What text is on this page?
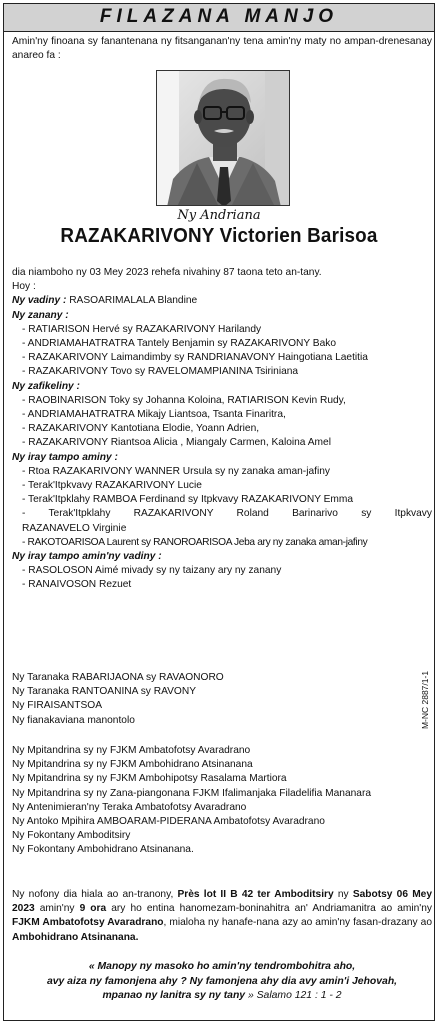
FILAZANA MANJO
Amin'ny finoana sy fanantenana ny fitsanganan'ny tena amin'ny maty no ampan-drenesanay anareo fa :
Ny Andriana
RAZAKARIVONY Victorien Barisoa
dia niamboho ny 03 Mey 2023 rehefa nivahiny 87 taona teto an-tany.
Hoy :
Ny vadiny : RASOARIMALALA Blandine
Ny zanany :
- RATIARISON Hervé sy RAZAKARIVONY Harilandy
- ANDRIAMAHATRATRA Tantely Benjamin sy RAZAKARIVONY Bako
- RAZAKARIVONY Laimandimby sy RANDRIANAVONY Haingotiana Laetitia
- RAZAKARIVONY Tovo sy RAVELOMAMPIANINA Tsiriniana
Ny zafikeliny :
- RAOBINARISON Toky sy Johanna Koloina, RATIARISON Kevin Rudy,
- ANDRIAMAHATRATRA Mikajy Liantsoa, Tsanta Finaritra,
- RAZAKARIVONY Kantotiana Elodie, Yoann Adrien,
- RAZAKARIVONY Riantsoa Alicia , Miangaly Carmen, Kaloina Amel
Ny iray tampo aminy :
- Rtoa RAZAKARIVONY WANNER Ursula sy ny zanaka aman-jafiny
- Terak'Itpkvavy RAZAKARIVONY Lucie
- Terak'Itpklahy RAMBOA Ferdinand sy Itpkvavy RAZAKARIVONY Emma
- Terak'Itpklahy RAZAKARIVONY Roland Barinarivo sy Itpkvavy
RAZANAVELO Virginie
- RAKOTOARISOA Laurent sy RANOROARISOA Jeba ary ny zanaka aman-jafiny
Ny iray tampo amin'ny vadiny :
- RASOLOSON Aimé mivady sy ny taizany ary ny zanany
- RANAIVOSON Rezuet
Ny Taranaka RABARIJAONA sy RAVAONORO
Ny Taranaka RANTOANINA sy RAVONY
Ny FIRAISANTSOA
Ny fianakaviana manontolo	M-NC 2887/1-1
Ny Mpitandrina sy ny FJKM Ambatofotsy Avaradrano
Ny Mpitandrina sy ny FJKM Ambohidrano Atsinanana
Ny Mpitandrina sy ny FJKM Ambohipotsy Rasalama Martiora
Ny Mpitandrina sy ny Zana-piangonana FJKM Ifalimanjaka Filadelifia Mananara
Ny Antenimieran'ny Teraka Ambatofotsy Avaradrano
Ny Antoko Mpihira AMBOARAM-PIDERANA Ambatofotsy Avaradrano
Ny Fokontany Amboditsiry
Ny Fokontany Ambohidrano Atsinanana.
Ny nofony dia hiala ao an-tranony, Près lot II B 42 ter Amboditsiry ny Sabotsy 06 Mey 2023 amin'ny 9 ora ary ho entina hanomezam-boninahitra an' Andriamanitra ao amin'ny FJKM Ambatofotsy Avaradrano, mialoha ny hanafe-nana azy ao amin'ny fasan-drazany ao Ambohidrano Atsinanana.
« Manopy ny masoko ho amin'ny tendrombohitra aho,
avy aiza ny famonjena ahy ? Ny famonjena ahy dia avy amin'i Jehovah,
mpanao ny lanitra sy ny tany » Salamo 121 : 1 - 2
